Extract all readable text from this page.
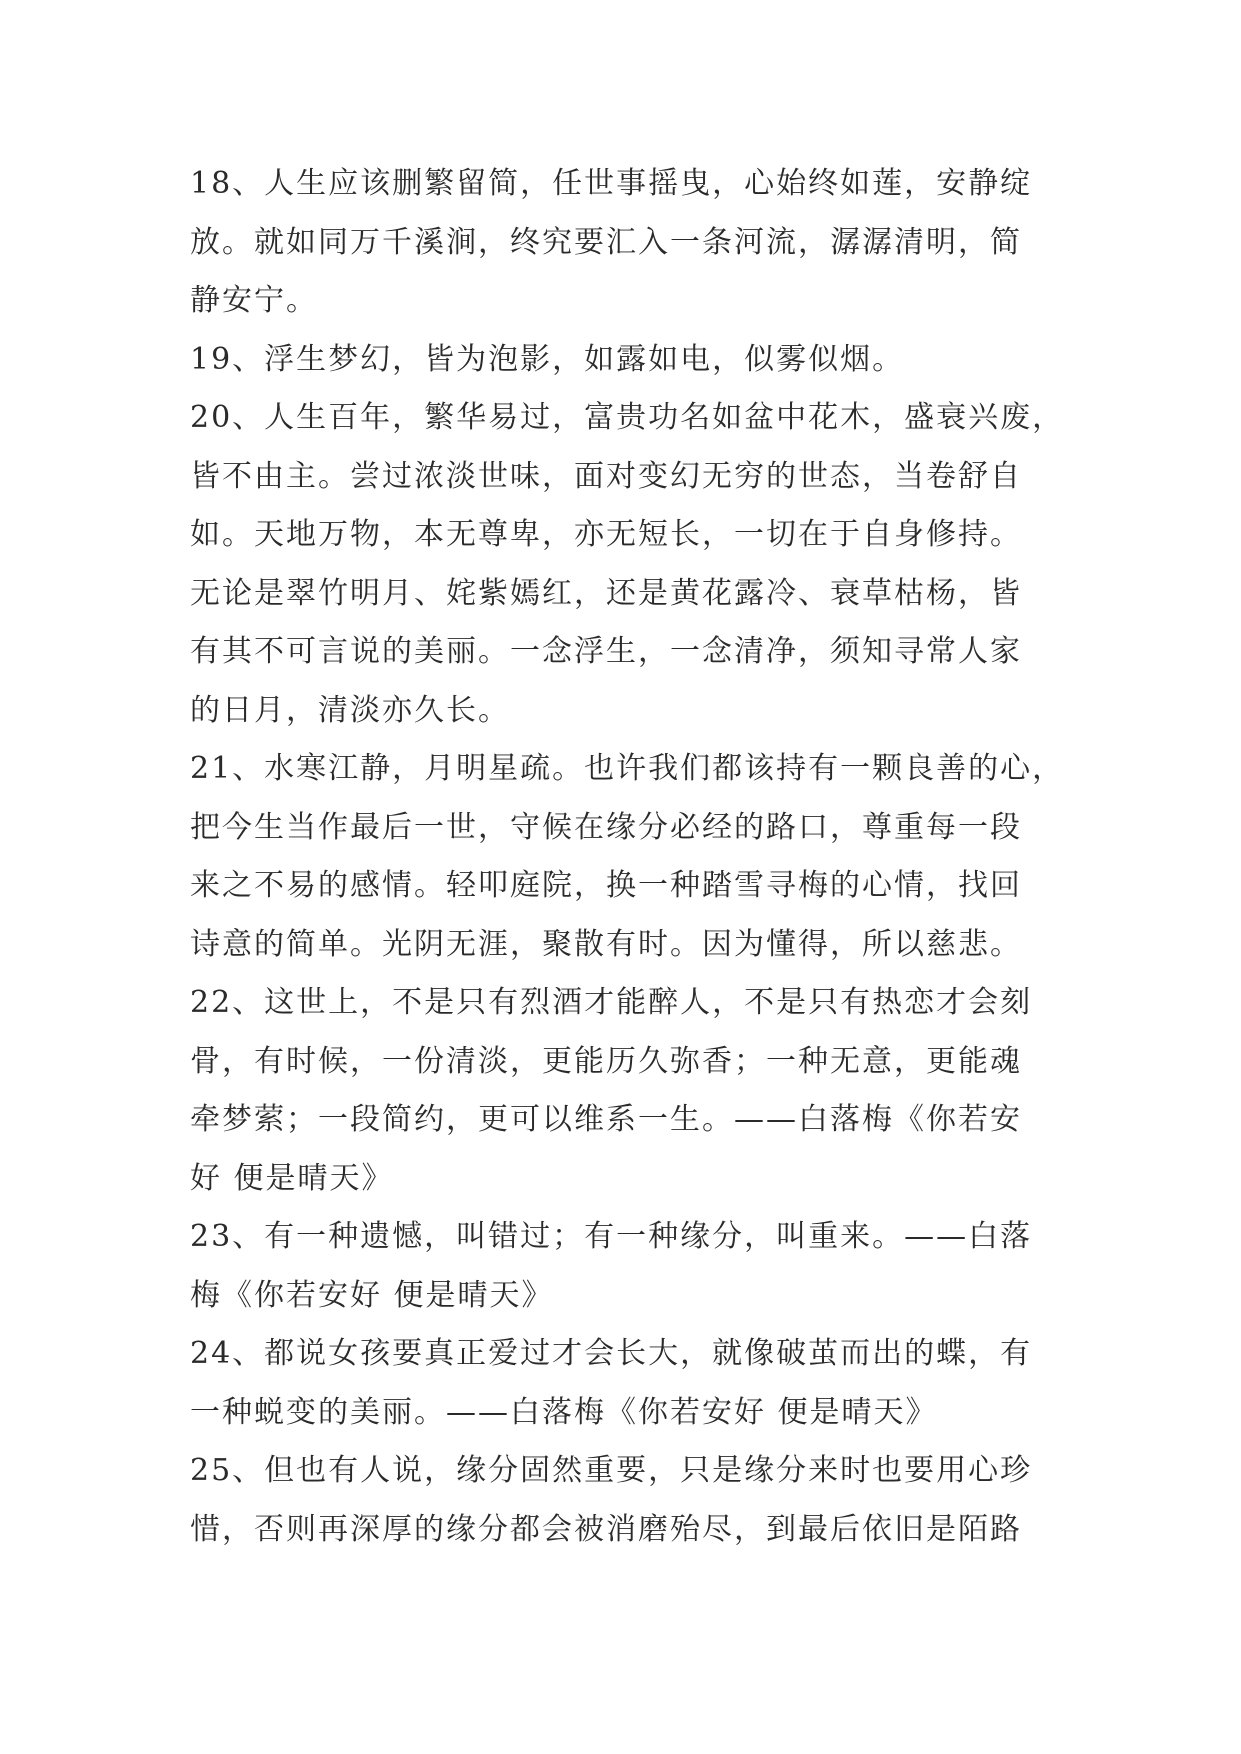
18、人生应该删繁留简，任世事摇曳，心始终如莲，安静绽
放。就如同万千溪涧，终究要汇入一条河流，潺潺清明，简
静安宁。
19、浮生梦幻，皆为泡影，如露如电，似雾似烟。
20、人生百年，繁华易过，富贵功名如盆中花木，盛衰兴废，
皆不由主。尝过浓淡世味，面对变幻无穷的世态，当卷舒自
如。天地万物，本无尊卑，亦无短长，一切在于自身修持。
无论是翠竹明月、姹紫嫣红，还是黄花露冷、衰草枯杨，皆
有其不可言说的美丽。一念浮生，一念清净，须知寻常人家
的日月，清淡亦久长。
21、水寒江静，月明星疏。也许我们都该持有一颗良善的心，
把今生当作最后一世，守候在缘分必经的路口，尊重每一段
来之不易的感情。轻叩庭院，换一种踏雪寻梅的心情，找回
诗意的简单。光阴无涯，聚散有时。因为懂得，所以慈悲。
22、这世上，不是只有烈酒才能醉人，不是只有热恋才会刻
骨，有时候，一份清淡，更能历久弥香；一种无意，更能魂
牵梦萦；一段简约，更可以维系一生。——白落梅《你若安
好 便是晴天》
23、有一种遗憾，叫错过；有一种缘分，叫重来。——白落
梅《你若安好 便是晴天》
24、都说女孩要真正爱过才会长大，就像破茧而出的蝶，有
一种蜕变的美丽。——白落梅《你若安好 便是晴天》
25、但也有人说，缘分固然重要，只是缘分来时也要用心珍
惜，否则再深厚的缘分都会被消磨殆尽，到最后依旧是陌路
